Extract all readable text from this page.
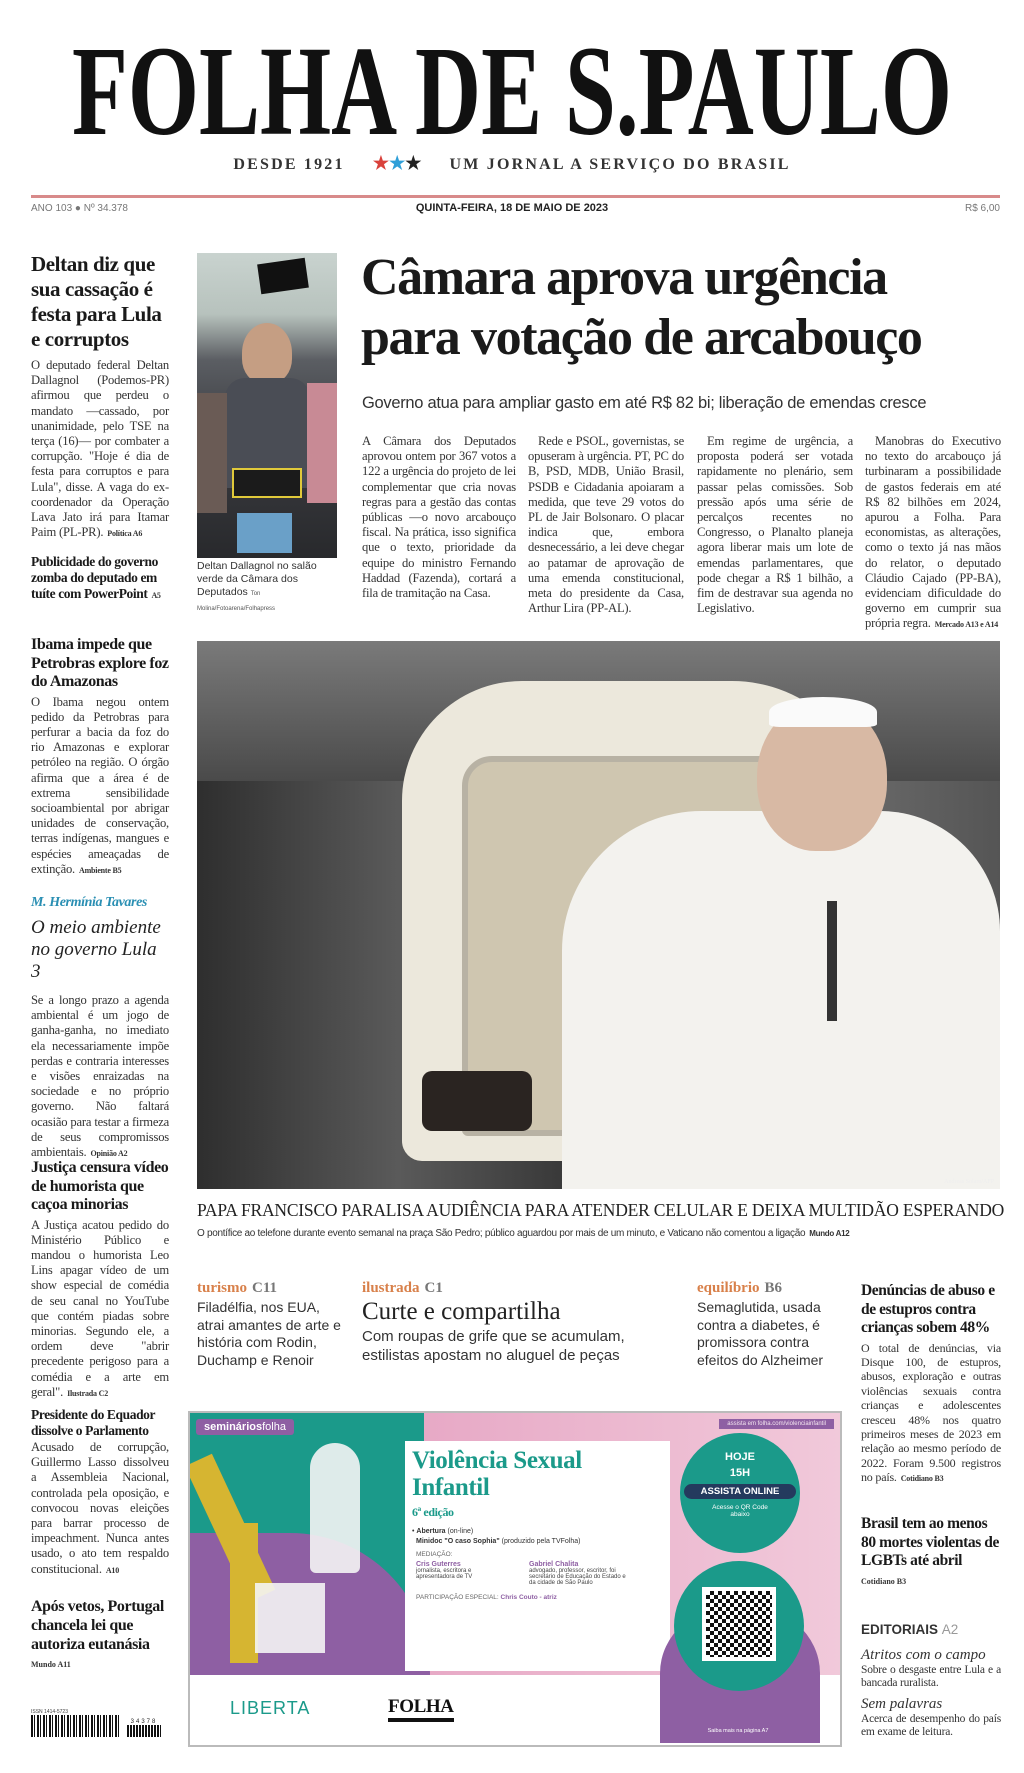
FOLHA DE S.PAULO
DESDE 1921 ★★★ UM JORNAL A SERVIÇO DO BRASIL
ANO 103 ● Nº 34.378	QUINTA-FEIRA, 18 DE MAIO DE 2023	R$ 6,00
Deltan diz que sua cassação é festa para Lula e corruptos
O deputado federal Deltan Dallagnol (Podemos-PR) afirmou que perdeu o mandato —cassado, por unanimidade, pelo TSE na terça (16)— por combater a corrupção. "Hoje é dia de festa para corruptos e para Lula", disse. A vaga do ex-coordenador da Operação Lava Jato irá para Itamar Paim (PL-PR). Política A6
Publicidade do governo zomba do deputado em tuíte com PowerPoint A5
Deltan Dallagnol no salão verde da Câmara dos Deputados Ton Molina/Fotoarena/Folhapress
Câmara aprova urgência
para votação de arcabouço
Governo atua para ampliar gasto em até R$ 82 bi; liberação de emendas cresce
A Câmara dos Deputados aprovou ontem por 367 votos a 122 a urgência do projeto de lei complementar que cria novas regras para a gestão das contas públicas —o novo arcabouço fiscal. Na prática, isso significa que o texto, prioridade da equipe do ministro Fernando Haddad (Fazenda), cortará a fila de tramitação na Casa.
Rede e PSOL, governistas, se opuseram à urgência. PT, PC do B, PSD, MDB, União Brasil, PSDB e Cidadania apoiaram a medida, que teve 29 votos do PL de Jair Bolsonaro. O placar indica que, embora desnecessário, a lei deve chegar ao patamar de aprovação de uma emenda constitucional, meta do presidente da Casa, Arthur Lira (PP-AL).
Em regime de urgência, a proposta poderá ser votada rapidamente no plenário, sem passar pelas comissões. Sob pressão após uma série de percalços recentes no Congresso, o Planalto planeja agora liberar mais um lote de emendas parlamentares, que pode chegar a R$ 1 bilhão, a fim de destravar sua agenda no Legislativo.
Manobras do Executivo no texto do arcabouço já turbinaram a possibilidade de gastos federais em até R$ 82 bilhões em 2024, apurou a Folha. Para economistas, as alterações, como o texto já nas mãos do relator, o deputado Cláudio Cajado (PP-BA), evidenciam dificuldade do governo em cumprir sua própria regra. Mercado A13 e A14
Ibama impede que Petrobras explore foz do Amazonas
O Ibama negou ontem pedido da Petrobras para perfurar a bacia da foz do rio Amazonas e explorar petróleo na região. O órgão afirma que a área é de extrema sensibilidade socioambiental por abrigar unidades de conservação, terras indígenas, mangues e espécies ameaçadas de extinção. Ambiente B5
M. Hermínia Tavares
O meio ambiente no governo Lula 3
Se a longo prazo a agenda ambiental é um jogo de ganha-ganha, no imediato ela necessariamente impõe perdas e contraria interesses e visões enraizadas na sociedade e no próprio governo. Não faltará ocasião para testar a firmeza de seus compromissos ambientais. Opinião A2
Justiça censura vídeo de humorista que caçoa minorias
A Justiça acatou pedido do Ministério Público e mandou o humorista Leo Lins apagar vídeo de um show especial de comédia de seu canal no YouTube que contém piadas sobre minorias. Segundo ele, a ordem deve "abrir precedente perigoso para a comédia e a arte em geral". Ilustrada C2
Presidente do Equador dissolve o Parlamento
Acusado de corrupção, Guillermo Lasso dissolveu a Assembleia Nacional, controlada pela oposição, e convocou novas eleições para barrar processo de impeachment. Nunca antes usado, o ato tem respaldo constitucional. A10
Após vetos, Portugal chancela lei que autoriza eutanásia
Mundo A11
ISSN 1414-5723
34378
Andreas Solaro/AFP
PAPA FRANCISCO PARALISA AUDIÊNCIA PARA ATENDER CELULAR E DEIXA MULTIDÃO ESPERANDO
O pontífice ao telefone durante evento semanal na praça São Pedro; público aguardou por mais de um minuto, e Vaticano não comentou a ligação Mundo A12
turismo C11
Filadélfia, nos EUA, atrai amantes de arte e história com Rodin, Duchamp e Renoir
ilustrada C1
Curte e compartilha
Com roupas de grife que se acumulam, estilistas apostam no aluguel de peças
equilíbrio B6
Semaglutida, usada contra a diabetes, é promissora contra efeitos do Alzheimer
Denúncias de abuso e de estupros contra crianças sobem 48%
O total de denúncias, via Disque 100, de estupros, abusos, exploração e outras violências sexuais contra crianças e adolescentes cresceu 48% nos quatro primeiros meses de 2023 em relação ao mesmo período de 2022. Foram 9.500 registros no país. Cotidiano B3
Brasil tem ao menos 80 mortes violentas de LGBTs até abril
Cotidiano B3
EDITORIAIS A2
Atritos com o campo
Sobre o desgaste entre Lula e a bancada ruralista.
Sem palavras
Acerca de desempenho do país em exame de leitura.
semináriosfolha	assista em folha.com/violenciainfantil
Violência Sexual
Infantil
6ª edição
• Abertura (on-line)
Minidoc "O caso Sophia" (produzido pela TVFolha)
MEDIAÇÃO:
Cris Guterres
jornalista, escritora e apresentadora de TV
Gabriel Chalita
advogado, professor, escritor, foi secretário de Educação do Estado e da cidade de São Paulo
PARTICIPAÇÃO ESPECIAL: Chris Couto - atriz
HOJE
15H
ASSISTA ONLINE
Acesse o QR Code abaixo
Saiba mais na página A7
LIBERTA	FOLHA
